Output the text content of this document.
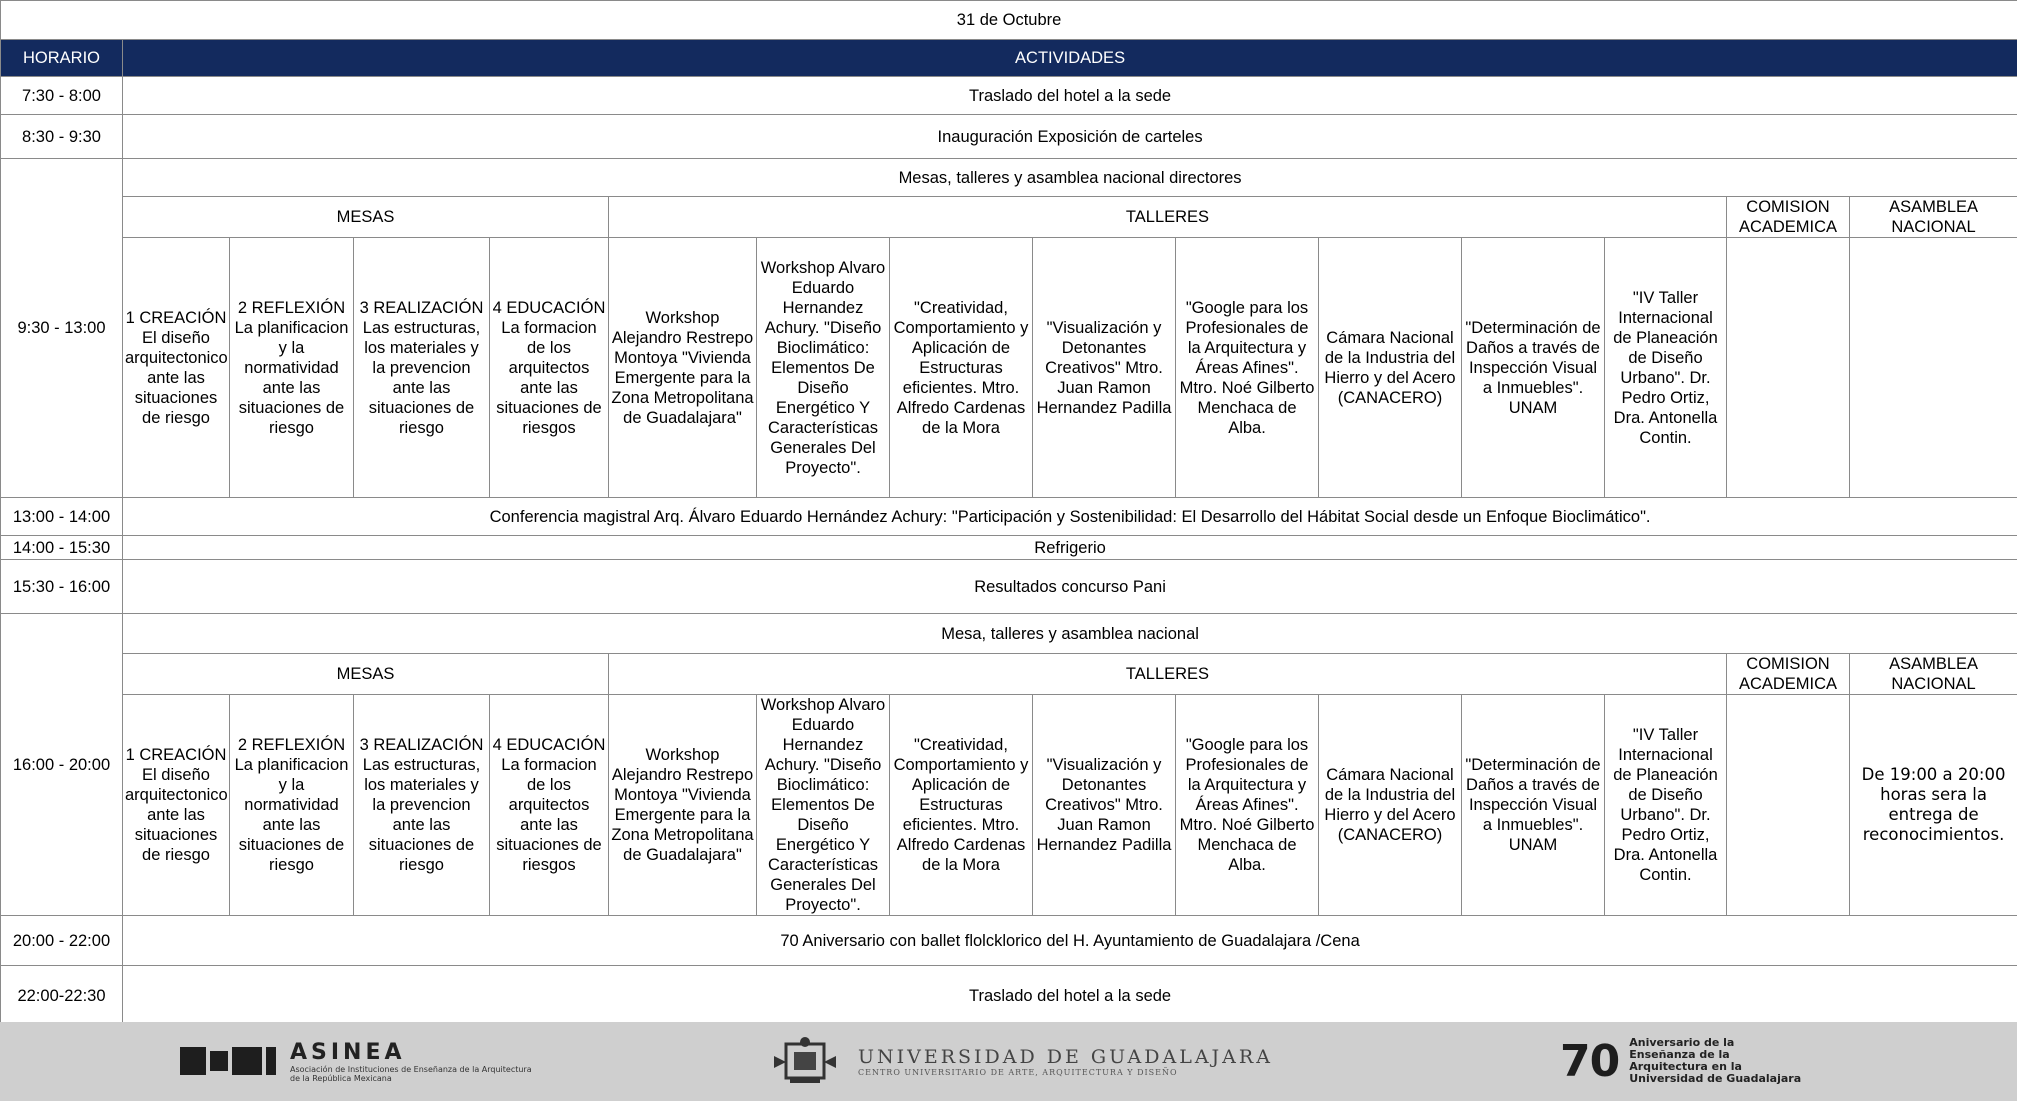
31 de Octubre														
HORARIO	ACTIVIDADES													
7:30 - 8:00	Traslado del hotel a la sede													
8:30 - 9:30	Inauguración Exposición de carteles													
9:30 - 13:00	Mesas, talleres y asamblea nacional directores													
	MESAS				TALLERES								COMISION ACADEMICA	ASAMBLEA NACIONAL
	1 CREACIÓN El diseño arquitectonico ante las situaciones de riesgo	2 REFLEXIÓN La planificacion y la normatividad ante las situaciones de riesgo	3 REALIZACIÓN Las estructuras, los materiales y la prevencion ante las situaciones de riesgo	4 EDUCACIÓN La formacion de los arquitectos ante las situaciones de riesgos	Workshop Alejandro Restrepo Montoya "Vivienda Emergente para la Zona Metropolitana de Guadalajara"	Workshop Alvaro Eduardo Hernandez Achury. "Diseño Bioclimático: Elementos De Diseño Energético Y Características Generales Del Proyecto".	"Creatividad, Comportamiento y Aplicación de Estructuras eficientes. Mtro. Alfredo Cardenas de la Mora	"Visualización y Detonantes Creativos" Mtro. Juan Ramon Hernandez Padilla	"Google para los Profesionales de la Arquitectura y Áreas Afines". Mtro. Noé Gilberto Menchaca de Alba.	Cámara Nacional de la Industria del Hierro y del Acero (CANACERO)	"Determinación de Daños a través de Inspección Visual a Inmuebles". UNAM	"IV Taller Internacional de Planeación de Diseño Urbano". Dr. Pedro Ortiz, Dra. Antonella Contin.		

13:00 - 14:00	Conferencia magistral Arq. Álvaro Eduardo Hernández Achury: "Participación y Sostenibilidad: El Desarrollo del Hábitat Social desde un Enfoque Bioclimático".													
14:00 - 15:30	Refrigerio													
15:30 - 16:00	Resultados concurso Pani													
16:00 - 20:00	Mesa, talleres y asamblea nacional													
	MESAS				TALLERES								COMISION ACADEMICA	ASAMBLEA NACIONAL
	1 CREACIÓN El diseño arquitectonico ante las situaciones de riesgo	2 REFLEXIÓN La planificacion y la normatividad ante las situaciones de riesgo	3 REALIZACIÓN Las estructuras, los materiales y la prevencion ante las situaciones de riesgo	4 EDUCACIÓN La formacion de los arquitectos ante las situaciones de riesgos	Workshop Alejandro Restrepo Montoya "Vivienda Emergente para la Zona Metropolitana de Guadalajara"	Workshop Alvaro Eduardo Hernandez Achury. "Diseño Bioclimático: Elementos De Diseño Energético Y Características Generales Del Proyecto".	"Creatividad, Comportamiento y Aplicación de Estructuras eficientes. Mtro. Alfredo Cardenas de la Mora	"Visualización y Detonantes Creativos" Mtro. Juan Ramon Hernandez Padilla	"Google para los Profesionales de la Arquitectura y Áreas Afines". Mtro. Noé Gilberto Menchaca de Alba.	Cámara Nacional de la Industria del Hierro y del Acero (CANACERO)	"Determinación de Daños a través de Inspección Visual a Inmuebles". UNAM	"IV Taller Internacional de Planeación de Diseño Urbano". Dr. Pedro Ortiz, Dra. Antonella Contin.		De 19:00 a 20:00 horas sera la entrega de reconocimientos.

20:00 - 22:00	70 Aniversario con ballet flolcklorico del H. Ayuntamiento de Guadalajara /Cena													
22:00-22:30	Traslado del hotel a la sede													
ASINEA
Asociación de Instituciones de Enseñanza de la Arquitectura de la República Mexicana
UNIVERSIDAD DE GUADALAJARA
CENTRO UNIVERSITARIO DE ARTE, ARQUITECTURA Y DISEÑO	70 Aniversario de la Enseñanza de la Arquitectura en la Universidad de Guadalajara
